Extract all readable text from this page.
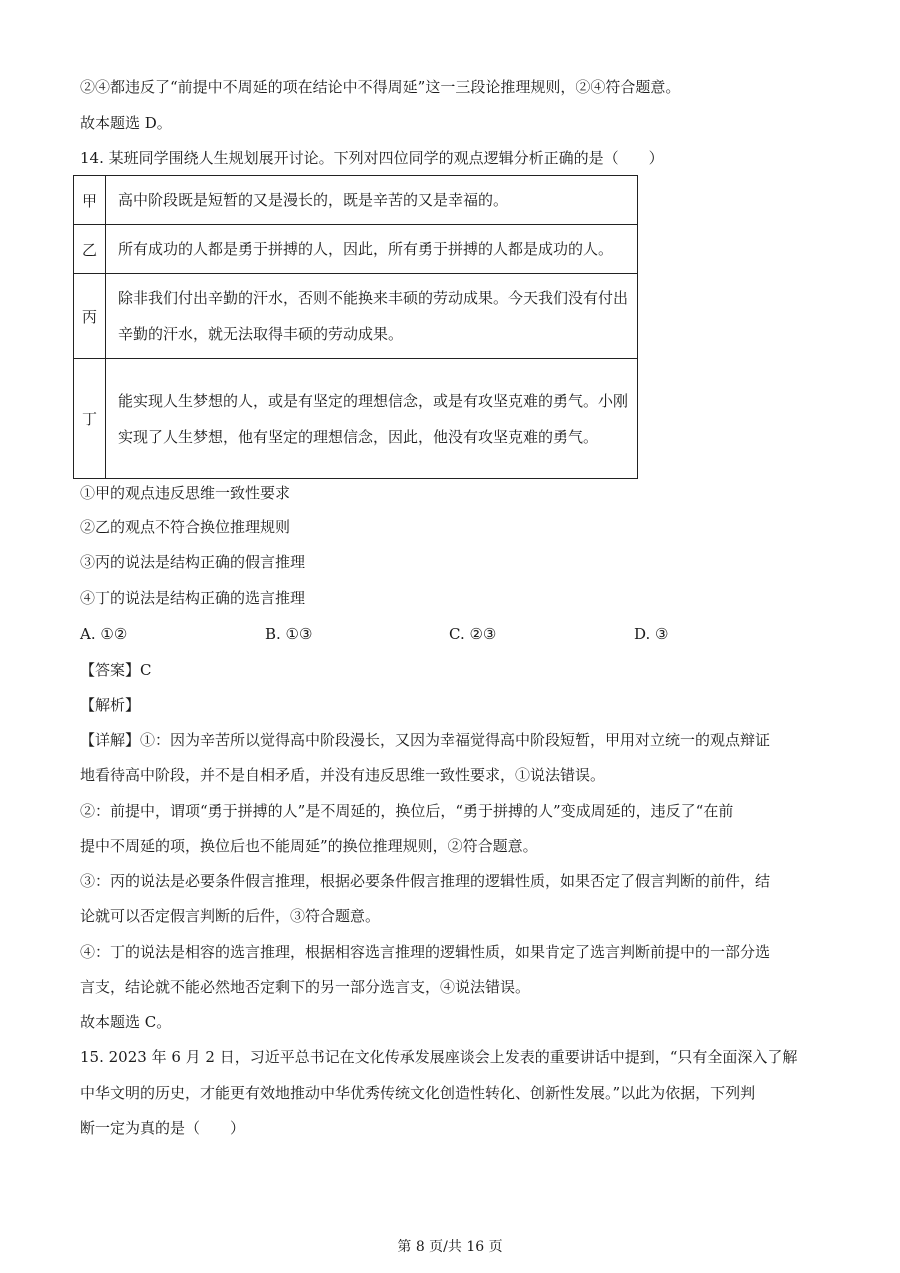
②④都违反了“前提中不周延的项在结论中不得周延”这一三段论推理规则，②④符合题意。
故本题选 D。
14. 某班同学围绕人生规划展开讨论。下列对四位同学的观点逻辑分析正确的是（　　）
甲	高中阶段既是短暂的又是漫长的，既是辛苦的又是幸福的。
乙	所有成功的人都是勇于拼搏的人，因此，所有勇于拼搏的人都是成功的人。
丙	除非我们付出辛勤的汗水，否则不能换来丰硕的劳动成果。今天我们没有付出辛勤的汗水，就无法取得丰硕的劳动成果。
丁	能实现人生梦想的人，或是有坚定的理想信念，或是有攻坚克难的勇气。小刚实现了人生梦想，他有坚定的理想信念，因此，他没有攻坚克难的勇气。
①甲的观点违反思维一致性要求
②乙的观点不符合换位推理规则
③丙的说法是结构正确的假言推理
④丁的说法是结构正确的选言推理
A. ①②	B. ①③	C. ②③	D. ③
【答案】C
【解析】
【详解】①：因为辛苦所以觉得高中阶段漫长，又因为幸福觉得高中阶段短暂，甲用对立统一的观点辩证
地看待高中阶段，并不是自相矛盾，并没有违反思维一致性要求，①说法错误。
②：前提中，谓项“勇于拼搏的人”是不周延的，换位后，“勇于拼搏的人”变成周延的，违反了“在前
提中不周延的项，换位后也不能周延”的换位推理规则，②符合题意。
③：丙的说法是必要条件假言推理，根据必要条件假言推理的逻辑性质，如果否定了假言判断的前件，结
论就可以否定假言判断的后件，③符合题意。
④：丁的说法是相容的选言推理，根据相容选言推理的逻辑性质，如果肯定了选言判断前提中的一部分选
言支，结论就不能必然地否定剩下的另一部分选言支，④说法错误。
故本题选 C。
15. 2023 年 6 月 2 日，习近平总书记在文化传承发展座谈会上发表的重要讲话中提到，“只有全面深入了解
中华文明的历史，才能更有效地推动中华优秀传统文化创造性转化、创新性发展。”以此为依据，下列判
断一定为真的是（　　）
第 8 页/共 16 页
